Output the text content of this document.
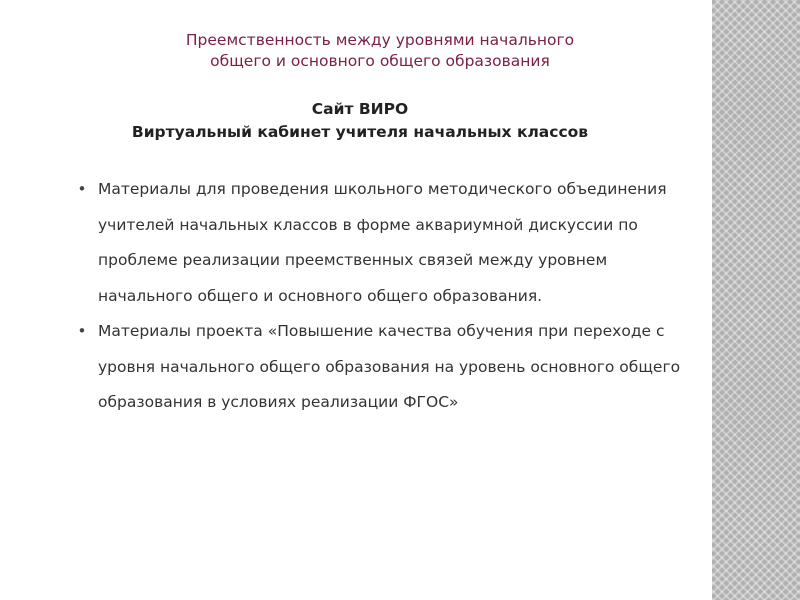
Преемственность между уровнями начального
общего и основного общего образования
Сайт ВИРО
Виртуальный кабинет учителя начальных классов
• Материалы для проведения школьного методического объединения учителей начальных классов в форме аквариумной дискуссии по проблеме реализации преемственных связей между уровнем начального общего и основного общего образования.
• Материалы проекта «Повышение качества обучения при переходе с уровня начального общего образования на уровень основного общего образования в условиях реализации ФГОС»
